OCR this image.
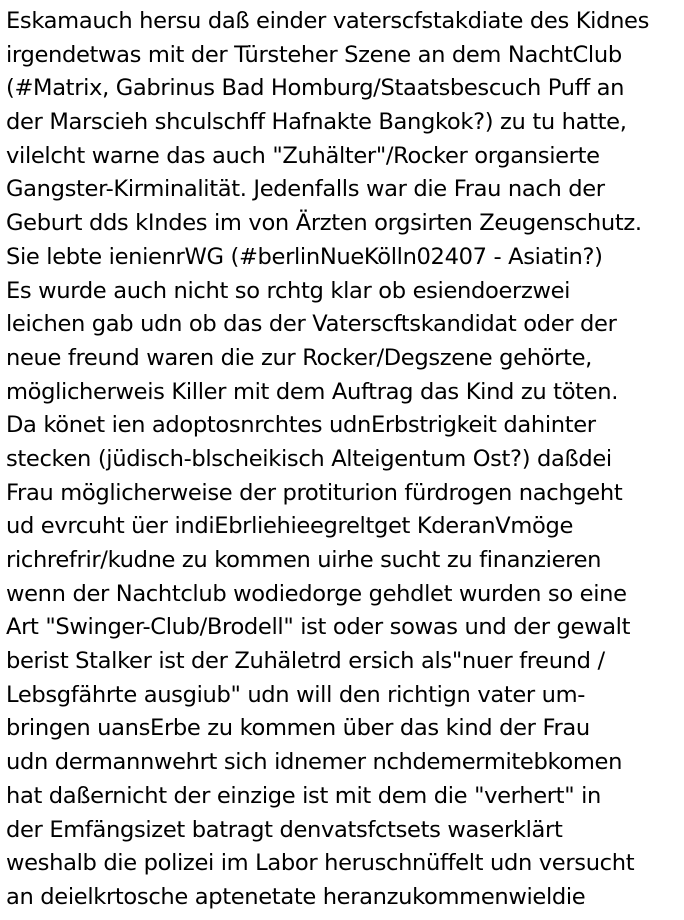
Eskamauch hersu daß einder vaterscfstakdiate des Kidnes
irgendetwas mit der Türsteher Szene an dem NachtClub
(#Matrix, Gabrinus Bad Homburg/Staatsbescuch Puff an
der Marscieh shculschff Hafnakte Bangkok?) zu tu hatte,
vilelcht warne das auch "Zuhälter"/Rocker organsierte
Gangster-Kirminalität. Jedenfalls war die Frau nach der
Geburt dds kIndes im von Ärzten orgsirten Zeugenschutz.
Sie lebte ienienrWG (#berlinNueKölln02407 - Asiatin?)
Es wurde auch nicht so rchtg klar ob esiendoerzwei
leichen gab udn ob das der Vaterscftskandidat oder der
neue freund waren die zur Rocker/Degszene gehörte,
möglicherweis Killer mit dem Auftrag das Kind zu töten.
Da könet ien adoptosnrchtes udnErbstrigkeit dahinter
stecken (jüdisch-blscheikisch Alteigentum Ost?) daßdei
Frau möglicherweise der protiturion fürdrogen nachgeht
ud evrcuht üer indiEbrliehieegreltget KderanVmöge
richrefrir/kudne zu kommen uirhe sucht zu finanzieren
wenn der Nachtclub wodiedorge gehdlet wurden so eine
Art "Swinger-Club/Brodell" ist oder sowas und der gewalt
berist Stalker ist der Zuhäletrd ersich als"nuer freund /
Lebsgfährte ausgiub" udn will den richtign vater um-
bringen uansErbe zu kommen über das kind der Frau
udn dermannwehrt sich idnemer nchdemermitebkomen
hat daßernicht der einzige ist mit dem die "verhert" in
der Emfängsizet batragt denvatsfctsets waserklärt
weshalb die polizei im Labor heruschnüffelt udn versucht
an deielkrtosche aptenetate heranzukommenwieldie
